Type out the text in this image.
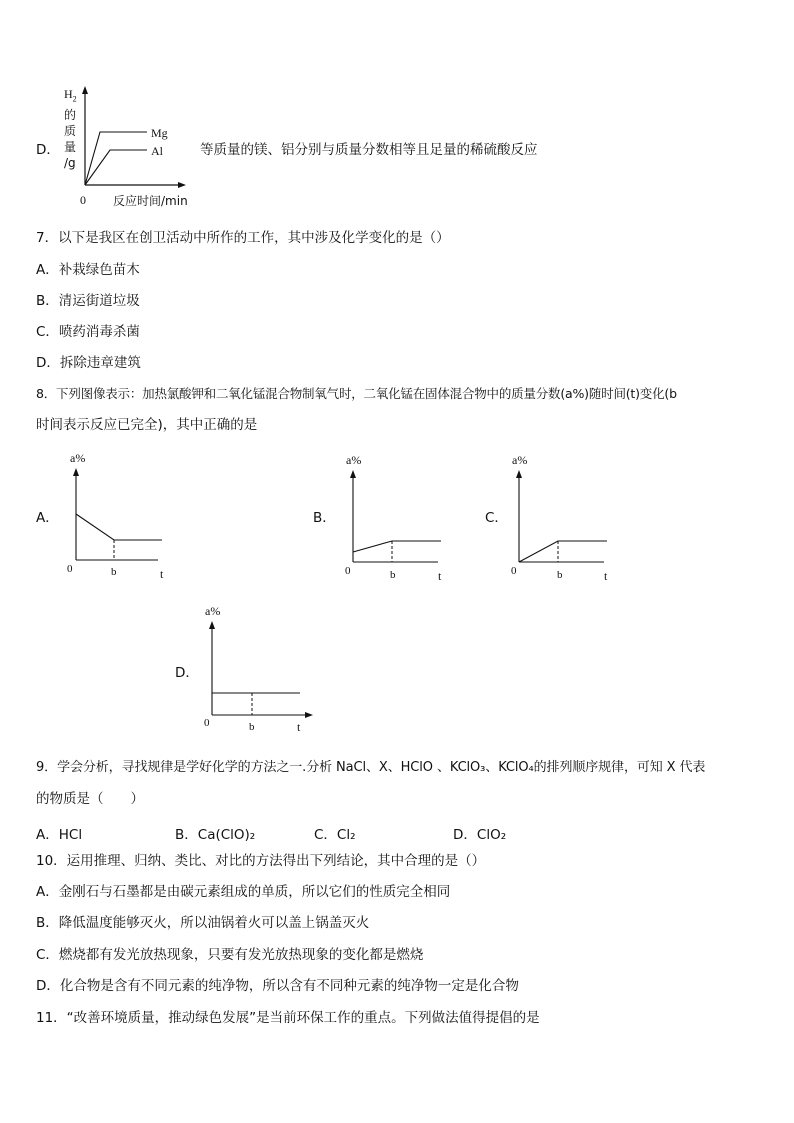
D．
Mg
Al
0
$H_2$
的
质
量
/g
反应时间/min
等质量的镁、铝分别与质量分数相等且足量的稀硫酸反应
7．以下是我区在创卫活动中所作的工作，其中涉及化学变化的是（）
A．补栽绿色苗木
B．清运街道垃圾
C．喷药消毒杀菌
D．拆除违章建筑
8．下列图像表示：加热氯酸钾和二氧化锰混合物制氧气时，二氧化锰在固体混合物中的质量分数(a%)随时间(t)变化(b
时间表示反应已完全)，其中正确的是
A．
a%
0	b	t
B．
a%
0	b	t
C．
a%
0	b	t
D．
a%
0	b	t
9．学会分析，寻找规律是学好化学的方法之一.分析 NaCl、X、HClO 、KClO₃、KClO₄的排列顺序规律，可知 X 代表
的物质是（　　）
A．HCl	B．Ca(ClO)₂	C．Cl₂	D．ClO₂
10．运用推理、归纳、类比、对比的方法得出下列结论，其中合理的是（）
A．金刚石与石墨都是由碳元素组成的单质，所以它们的性质完全相同
B．降低温度能够灭火，所以油锅着火可以盖上锅盖灭火
C．燃烧都有发光放热现象，只要有发光放热现象的变化都是燃烧
D．化合物是含有不同元素的纯净物，所以含有不同种元素的纯净物一定是化合物
11．“改善环境质量，推动绿色发展”是当前环保工作的重点。下列做法值得提倡的是
